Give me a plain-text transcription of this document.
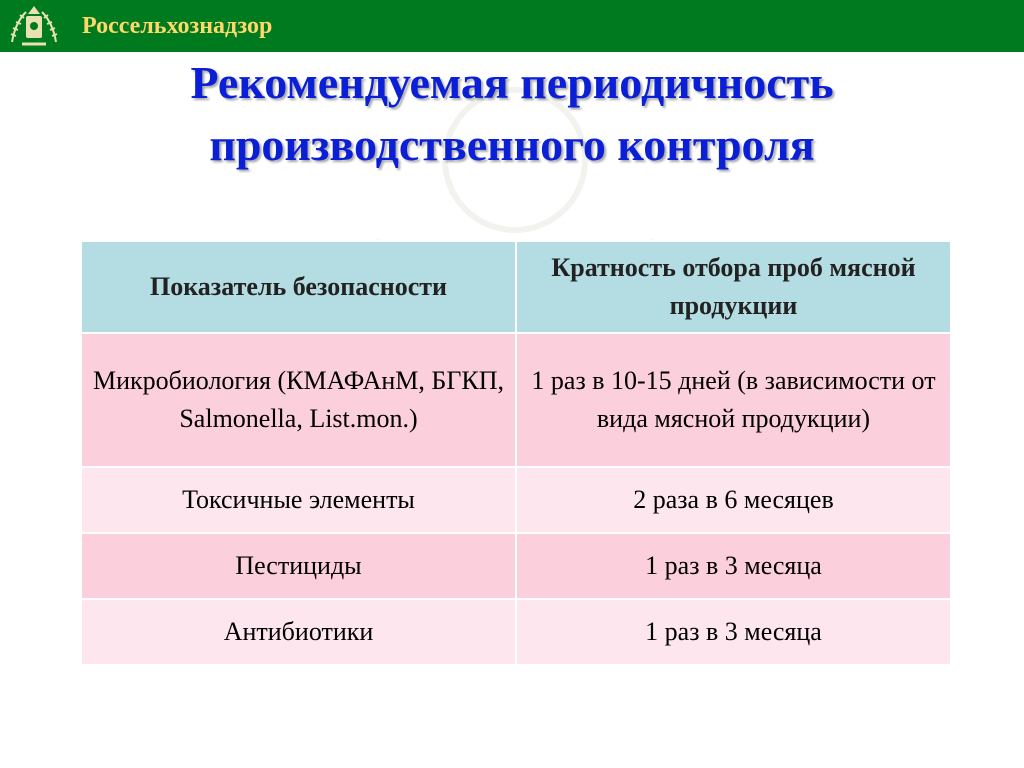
Россельхознадзор
Рекомендуемая периодичность
производственного контроля
Показатель безопасности	Кратность отбора проб мясной продукции
Микробиология (КМАФАнМ, БГКП, Salmonella, List.mon.)	1 раз в 10-15 дней (в зависимости от вида мясной продукции)
Токсичные элементы	2 раза в 6 месяцев
Пестициды	1 раз в 3 месяца
Антибиотики	1 раз в 3 месяца
